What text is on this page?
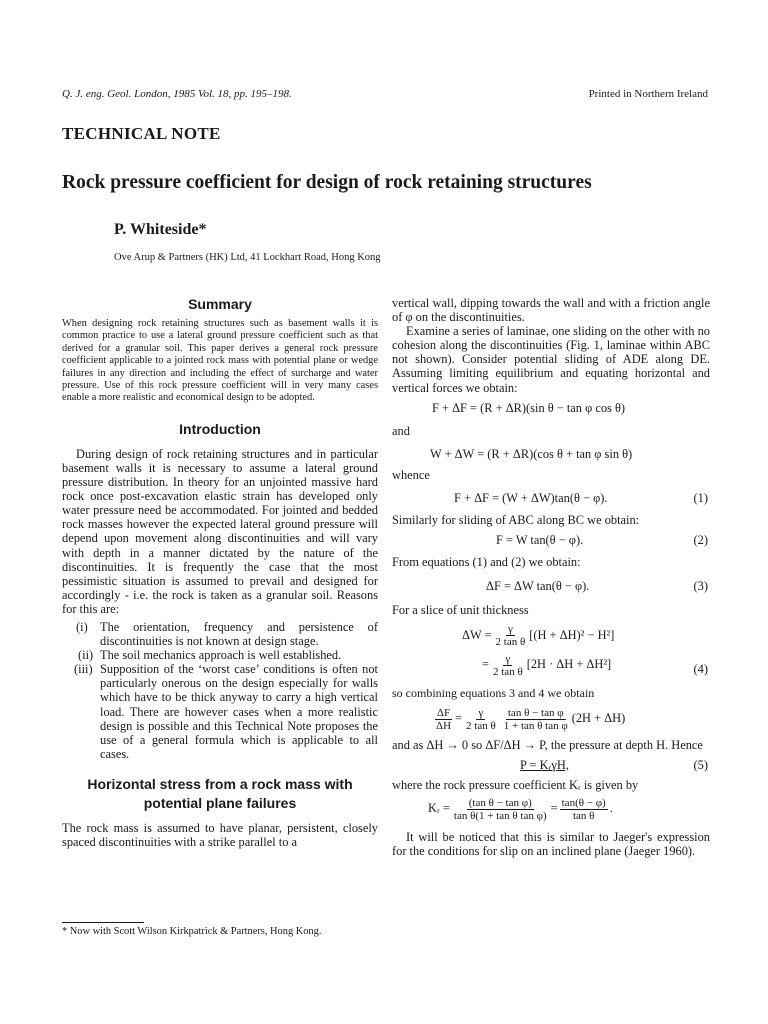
Q. J. eng. Geol. London, 1985 Vol. 18, pp. 195–198.	Printed in Northern Ireland
TECHNICAL NOTE
Rock pressure coefficient for design of rock retaining structures
P. Whiteside*
Ove Arup & Partners (HK) Ltd, 41 Lockhart Road, Hong Kong
Summary

When designing rock retaining structures such as basement walls it is common practice to use a lateral ground pressure coefficient such as that derived for a granular soil. This paper derives a general rock pressure coefficient applicable to a jointed rock mass with potential plane or wedge failures in any direction and including the effect of surcharge and water pressure. Use of this rock pressure coefficient will in very many cases enable a more realistic and economical design to be adopted.

Introduction

During design of rock retaining structures and in particular basement walls it is necessary to assume a lateral ground pressure distribution. In theory for an unjointed massive hard rock once post-excavation elastic strain has developed only water pressure need be accommodated. For jointed and bedded rock masses however the expected lateral ground pressure will depend upon movement along discontinuities and will vary with depth in a manner dictated by the nature of the discontinuities. It is frequently the case that the most pessimistic situation is assumed to prevail and designed for accordingly - i.e. the rock is taken as a granular soil. Reasons for this are:

(i) The orientation, frequency and persistence of discontinuities is not known at design stage.
(ii) The soil mechanics approach is well established.
(iii) Supposition of the ‘worst case’ conditions is often not particularly onerous on the design especially for walls which have to be thick anyway to carry a high vertical load. There are however cases when a more realistic design is possible and this Technical Note proposes the use of a general formula which is applicable to all cases.
Horizontal stress from a rock mass with potential plane failures

The rock mass is assumed to have planar, persistent, closely spaced discontinuities with a strike parallel to a

* Now with Scott Wilson Kirkpatrick & Partners, Hong Kong.

vertical wall, dipping towards the wall and with a friction angle of φ on the discontinuities.

Examine a series of laminae, one sliding on the other with no cohesion along the discontinuities (Fig. 1, laminae within ABC not shown). Consider potential sliding of ADE along DE. Assuming limiting equilibrium and equating horizontal and vertical forces we obtain:

F + ΔF = (R + ΔR)(sin θ − tan φ cos θ)

and

W + ΔW = (R + ΔR)(cos θ + tan φ sin θ)

whence

F + ΔF = (W + ΔW)tan(θ − φ).	(1)

Similarly for sliding of ABC along BC we obtain:

F = W tan(θ − φ).	(2)

From equations (1) and (2) we obtain:

ΔF = ΔW tan(θ − φ).	(3)

For a slice of unit thickness

$\Delta W = \frac{\gamma}{\text{2 tan θ}} [(H + \Delta H)^2 - H^2]$
= $\frac{\gamma}{\text{2 tan θ}} [2H \cdot \Delta H + \Delta H^2]$	(4)

so combining equations 3 and 4 we obtain

$\frac{\Delta F}{\Delta H} = \frac{\gamma}{\text{2 tan θ}} \frac{\text{tan θ − tan φ}}{\text{1 + tan θ tan φ}} (2H + \Delta H)$

and as ΔH → 0 so ΔF/ΔH → P, the pressure at depth H. Hence

P = KᵣγH,	(5)

where the rock pressure coefficient Kᵣ is given by

Kᵣ = $\frac{\text{(tan θ − tan φ)}}{\text{tan θ(1 + tan θ tan φ)}} = \frac{\tan(\theta - \varphi)}{\text{tan θ}}$ .

It will be noticed that this is similar to Jaeger's expression for the conditions for slip on an inclined plane (Jaeger 1960).
